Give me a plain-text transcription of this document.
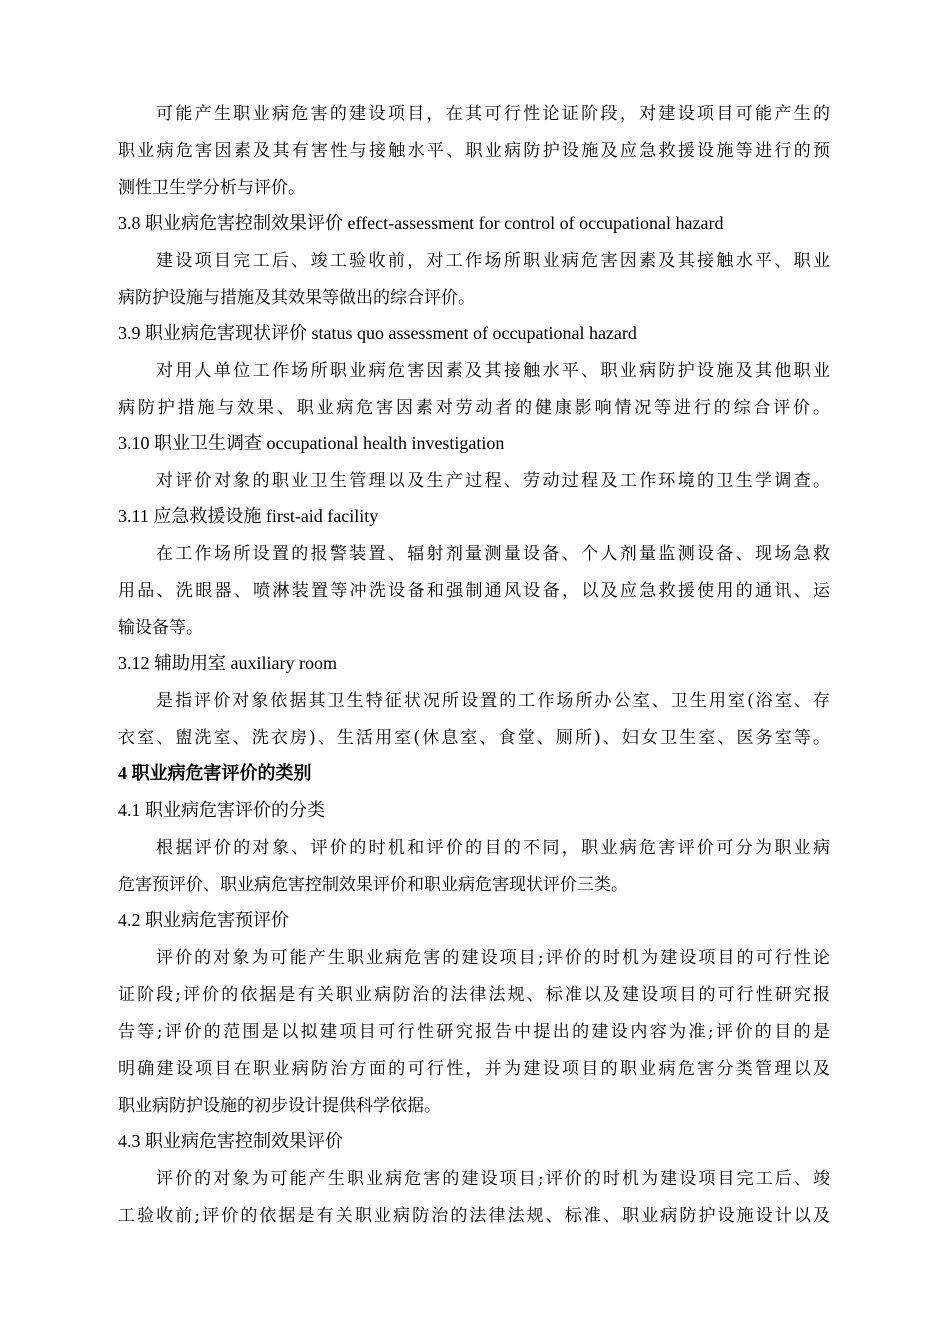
可能产生职业病危害的建设项目，在其可行性论证阶段，对建设项目可能产生的
职业病危害因素及其有害性与接触水平、职业病防护设施及应急救援设施等进行的预
测性卫生学分析与评价。
3.8 职业病危害控制效果评价 effect-assessment for control of occupational hazard
建设项目完工后、竣工验收前，对工作场所职业病危害因素及其接触水平、职业
病防护设施与措施及其效果等做出的综合评价。
3.9 职业病危害现状评价 status quo assessment of occupational hazard
对用人单位工作场所职业病危害因素及其接触水平、职业病防护设施及其他职业
病防护措施与效果、职业病危害因素对劳动者的健康影响情况等进行的综合评价。
3.10 职业卫生调查 occupational health investigation
对评价对象的职业卫生管理以及生产过程、劳动过程及工作环境的卫生学调查。
3.11 应急救援设施 first-aid facility
在工作场所设置的报警装置、辐射剂量测量设备、个人剂量监测设备、现场急救
用品、洗眼器、喷淋装置等冲洗设备和强制通风设备，以及应急救援使用的通讯、运
输设备等。
3.12 辅助用室 auxiliary room
是指评价对象依据其卫生特征状况所设置的工作场所办公室、卫生用室(浴室、存
衣室、盥洗室、洗衣房)、生活用室(休息室、食堂、厕所)、妇女卫生室、医务室等。
4 职业病危害评价的类别
4.1 职业病危害评价的分类
根据评价的对象、评价的时机和评价的目的不同，职业病危害评价可分为职业病
危害预评价、职业病危害控制效果评价和职业病危害现状评价三类。
4.2 职业病危害预评价
评价的对象为可能产生职业病危害的建设项目;评价的时机为建设项目的可行性论
证阶段;评价的依据是有关职业病防治的法律法规、标准以及建设项目的可行性研究报
告等;评价的范围是以拟建项目可行性研究报告中提出的建设内容为准;评价的目的是
明确建设项目在职业病防治方面的可行性，并为建设项目的职业病危害分类管理以及
职业病防护设施的初步设计提供科学依据。
4.3 职业病危害控制效果评价
评价的对象为可能产生职业病危害的建设项目;评价的时机为建设项目完工后、竣
工验收前;评价的依据是有关职业病防治的法律法规、标准、职业病防护设施设计以及
